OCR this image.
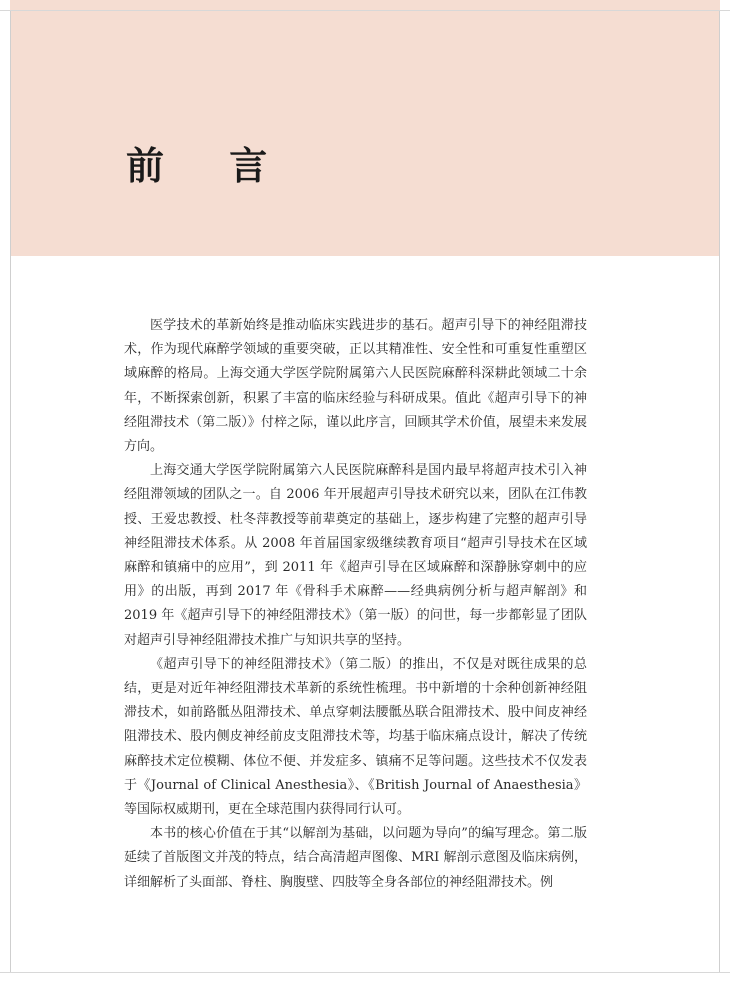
前 言

医学技术的革新始终是推动临床实践进步的基石。超声引导下的神经阻滞技术，作为现代麻醉学领域的重要突破，正以其精准性、安全性和可重复性重塑区域麻醉的格局。上海交通大学医学院附属第六人民医院麻醉科深耕此领域二十余年，不断探索创新，积累了丰富的临床经验与科研成果。值此《超声引导下的神经阻滞技术（第二版）》付梓之际，谨以此序言，回顾其学术价值，展望未来发展方向。

上海交通大学医学院附属第六人民医院麻醉科是国内最早将超声技术引入神经阻滞领域的团队之一。自 2006 年开展超声引导技术研究以来，团队在江伟教授、王爱忠教授、杜冬萍教授等前辈奠定的基础上，逐步构建了完整的超声引导神经阻滞技术体系。从 2008 年首届国家级继续教育项目“超声引导技术在区域麻醉和镇痛中的应用”，到 2011 年《超声引导在区域麻醉和深静脉穿刺中的应用》的出版，再到 2017 年《骨科手术麻醉——经典病例分析与超声解剖》和 2019 年《超声引导下的神经阻滞技术》（第一版）的问世，每一步都彰显了团队对超声引导神经阻滞技术推广与知识共享的坚持。

《超声引导下的神经阻滞技术》（第二版）的推出，不仅是对既往成果的总结，更是对近年神经阻滞技术革新的系统性梳理。书中新增的十余种创新神经阻滞技术，如前路骶丛阻滞技术、单点穿刺法腰骶丛联合阻滞技术、股中间皮神经阻滞技术、股内侧皮神经前皮支阻滞技术等，均基于临床痛点设计，解决了传统麻醉技术定位模糊、体位不便、并发症多、镇痛不足等问题。这些技术不仅发表于《Journal of Clinical Anesthesia》、《British Journal of Anaesthesia》等国际权威期刊，更在全球范围内获得同行认可。

本书的核心价值在于其“以解剖为基础，以问题为导向”的编写理念。第二版延续了首版图文并茂的特点，结合高清超声图像、MRI 解剖示意图及临床病例，详细解析了头面部、脊柱、胸腹壁、四肢等全身各部位的神经阻滞技术。例
